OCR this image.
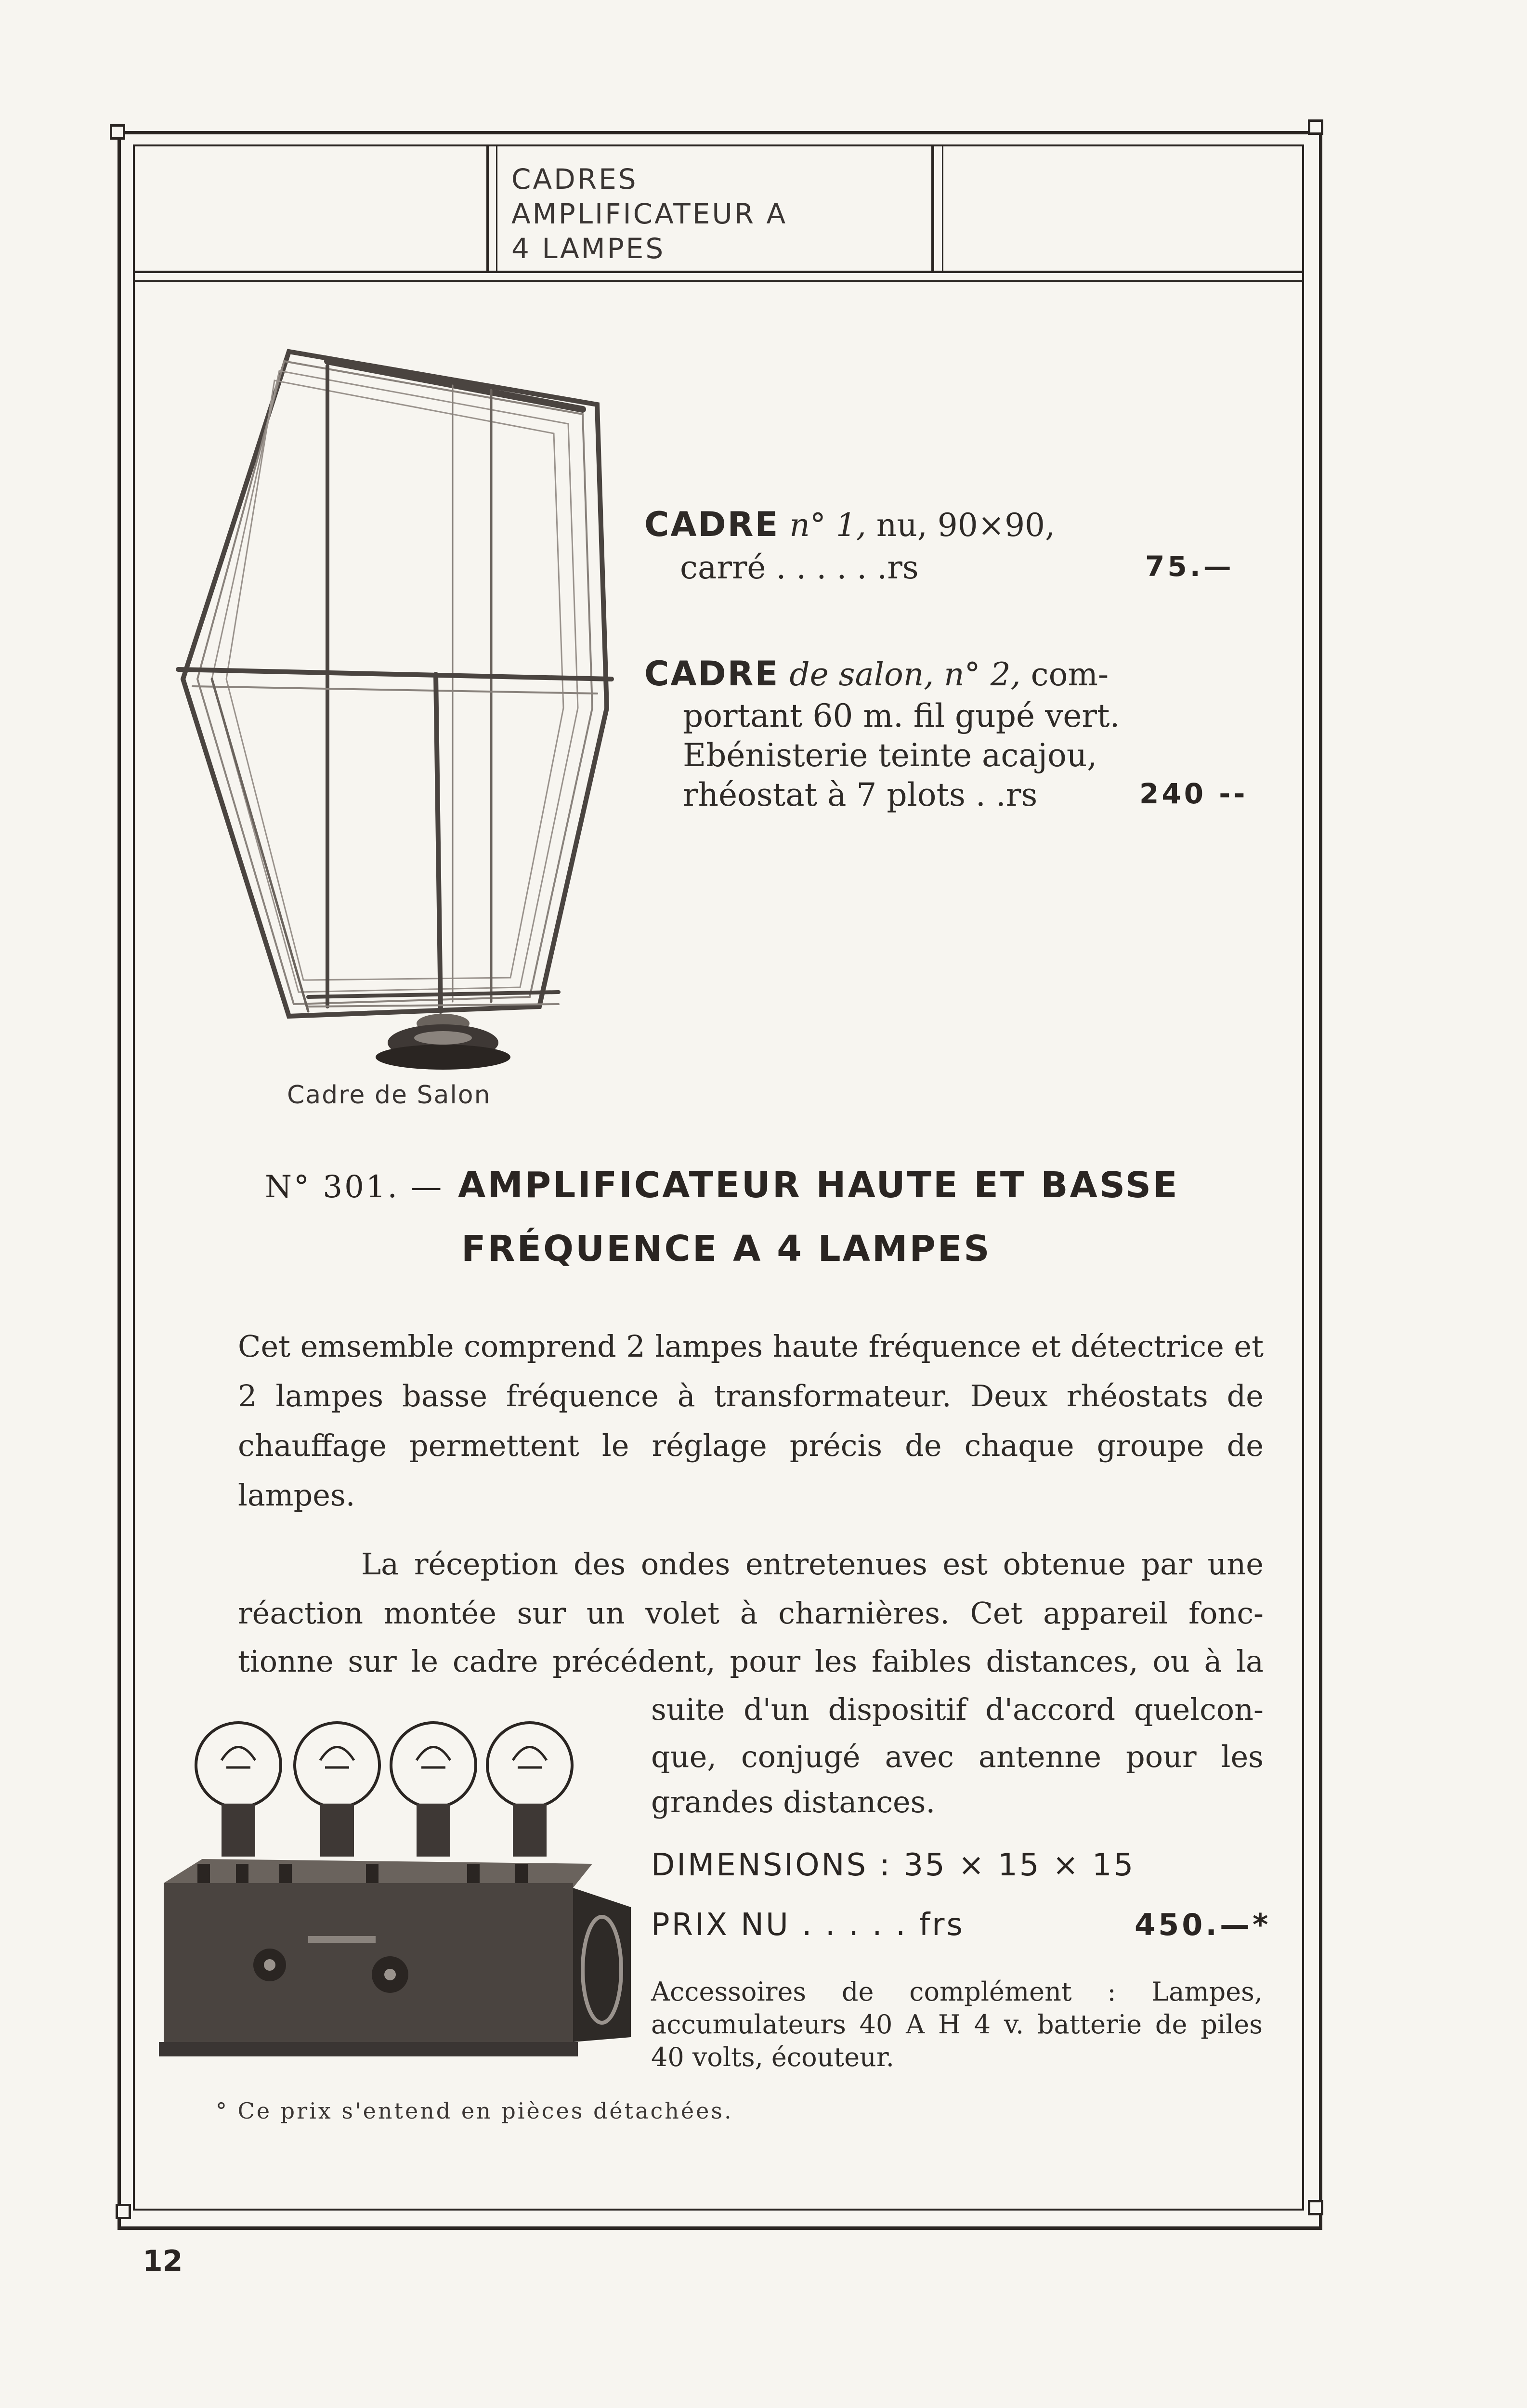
CADRES
AMPLIFICATEUR A
4 LAMPES
Cadre de Salon
CADRE n° 1, nu, 90×90,
carré . . . . . .rs	75.—
CADRE de salon, n° 2, com-
portant 60 m. fil gupé vert.
Ebénisterie teinte acajou,
rhéostat à 7 plots . .rs	240 --
N° 301. — AMPLIFICATEUR HAUTE ET BASSE
FRÉQUENCE A 4 LAMPES
Cet emsemble comprend 2 lampes haute fréquence et détectrice et 2 lampes basse fréquence à transformateur. Deux rhéostats de chauffage permettent le réglage précis de chaque groupe de lampes.
La réception des ondes entretenues est obtenue par une
réaction montée sur un volet à charnières. Cet appareil fonc-
tionne sur le cadre précédent, pour les faibles distances, ou à la
suite d'un dispositif d'accord quelcon-
que, conjugé avec antenne pour les
grandes distances.
DIMENSIONS : 35 × 15 × 15
PRIX NU . . . . . frs	450.—*
Accessoires de complément : Lampes, accumulateurs 40 A H 4 v. batterie de piles 40 volts, écouteur.
° Ce prix s'entend en pièces détachées.
12
